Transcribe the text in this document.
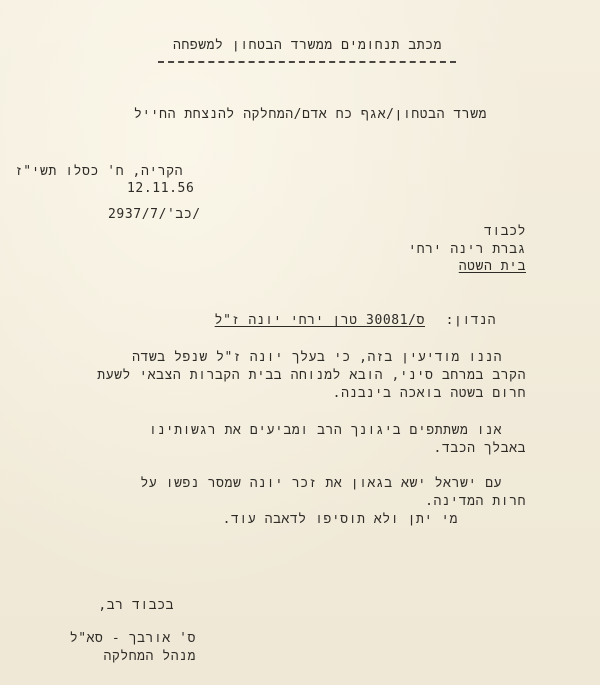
מכתב תנחומים ממשרד הבטחון למשפחה
משרד הבטחון/אגף כח אדם/המחלקה להנצחת החייל
הקריה, ח' כסלו תשי"ז
12.11.56
כב'/2937/7/
לכבוד
גברת רינה ירחי
בית השטה
הנדון:
ס/30081 טרן ירחי יונה ז"ל
הננו מודיעין בזה, כי בעלך יונה ז"ל שנפל בשדה
הקרב במרחב סיני, הובא למנוחה בבית הקברות הצבאי לשעת
חרום בשטה בואכה בינבנה.
אנו משתתפים ביגונך הרב ומביעים את רגשותינו
באבלך הכבד.
עם ישראל ישא בגאון את זכר יונה שמסר נפשו על
חרות המדינה.
מי יתן ולא תוסיפו לדאבה עוד.
בכבוד רב,
ס' אורבך - סא"ל
מנהל המחלקה
